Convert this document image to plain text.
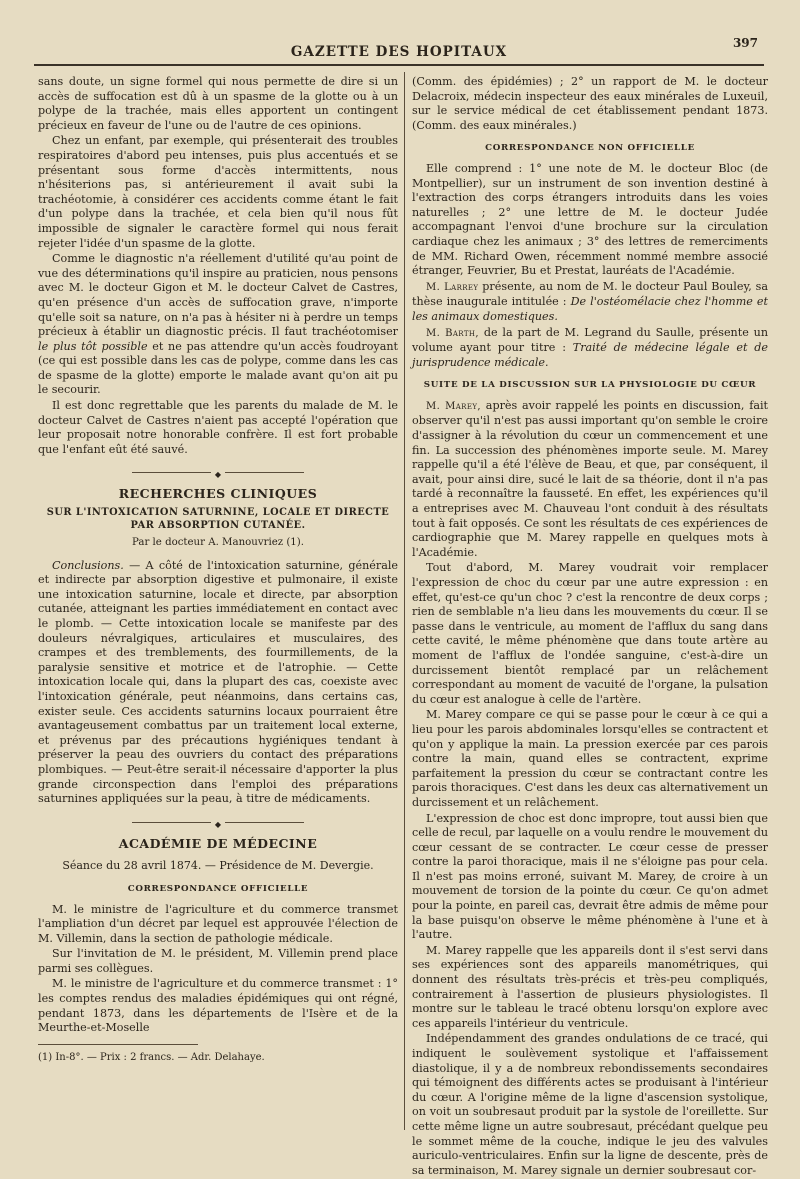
GAZETTE DES HOPITAUX
397

sans doute, un signe formel qui nous permette de dire si un accès de suffocation est dû à un spasme de la glotte ou à un polype de la trachée, mais elles apportent un contingent précieux en faveur de l'une ou de l'autre de ces opinions.

Chez un enfant, par exemple, qui présenterait des troubles respiratoires d'abord peu intenses, puis plus accentués et se présentant sous forme d'accès intermittents, nous n'hésiterions pas, si antérieurement il avait subi la trachéotomie, à considérer ces accidents comme étant le fait d'un polype dans la trachée, et cela bien qu'il nous fût impossible de signaler le caractère formel qui nous ferait rejeter l'idée d'un spasme de la glotte.

Comme le diagnostic n'a réellement d'utilité qu'au point de vue des déterminations qu'il inspire au praticien, nous pensons avec M. le docteur Gigon et M. le docteur Calvet de Castres, qu'en présence d'un accès de suffocation grave, n'importe qu'elle soit sa nature, on n'a pas à hésiter ni à perdre un temps précieux à établir un diagnostic précis. Il faut trachéotomiser le plus tôt possible et ne pas attendre qu'un accès foudroyant (ce qui est possible dans les cas de polype, comme dans les cas de spasme de la glotte) emporte le malade avant qu'on ait pu le secourir.

Il est donc regrettable que les parents du malade de M. le docteur Calvet de Castres n'aient pas accepté l'opération que leur proposait notre honorable confrère. Il est fort probable que l'enfant eût été sauvé.

◆
RECHERCHES CLINIQUES
SUR L'INTOXICATION SATURNINE, LOCALE ET DIRECTE
PAR ABSORPTION CUTANÉE.
Par le docteur A. Manouvriez (1).

Conclusions. — A côté de l'intoxication saturnine, générale et indirecte par absorption digestive et pulmonaire, il existe une intoxication saturnine, locale et directe, par absorption cutanée, atteignant les parties immédiatement en contact avec le plomb. — Cette intoxication locale se manifeste par des douleurs névralgiques, articulaires et musculaires, des crampes et des tremblements, des fourmillements, de la paralysie sensitive et motrice et de l'atrophie. — Cette intoxication locale qui, dans la plupart des cas, coexiste avec l'intoxication générale, peut néanmoins, dans certains cas, exister seule. Ces accidents saturnins locaux pourraient être avantageusement combattus par un traitement local externe, et prévenus par des précautions hygiéniques tendant à préserver la peau des ouvriers du contact des préparations plombiques. — Peut-être serait-il nécessaire d'apporter la plus grande circonspection dans l'emploi des préparations saturnines appliquées sur la peau, à titre de médicaments.

◆
ACADÉMIE DE MÉDECINE
Séance du 28 avril 1874. — Présidence de M. Devergie.
CORRESPONDANCE OFFICIELLE

M. le ministre de l'agriculture et du commerce transmet l'ampliation d'un décret par lequel est approuvée l'élection de M. Villemin, dans la section de pathologie médicale.

Sur l'invitation de M. le président, M. Villemin prend place parmi ses collègues.

M. le ministre de l'agriculture et du commerce transmet : 1° les comptes rendus des maladies épidémiques qui ont régné, pendant 1873, dans les départements de l'Isère et de la Meurthe-et-Moselle

(1) In-8°. — Prix : 2 francs. — Adr. Delahaye.

(Comm. des épidémies) ; 2° un rapport de M. le docteur Delacroix, médecin inspecteur des eaux minérales de Luxeuil, sur le service médical de cet établissement pendant 1873. (Comm. des eaux minérales.)

CORRESPONDANCE NON OFFICIELLE

Elle comprend : 1° une note de M. le docteur Bloc (de Montpellier), sur un instrument de son invention destiné à l'extraction des corps étrangers introduits dans les voies naturelles ; 2° une lettre de M. le docteur Judée accompagnant l'envoi d'une brochure sur la circulation cardiaque chez les animaux ; 3° des lettres de remerciments de MM. Richard Owen, récemment nommé membre associé étranger, Feuvrier, Bu et Prestat, lauréats de l'Académie.

M. Larrey présente, au nom de M. le docteur Paul Bouley, sa thèse inaugurale intitulée : De l'ostéomélacie chez l'homme et les animaux domestiques.

M. Barth, de la part de M. Legrand du Saulle, présente un volume ayant pour titre : Traité de médecine légale et de jurisprudence médicale.

SUITE DE LA DISCUSSION SUR LA PHYSIOLOGIE DU CŒUR

M. Marey, après avoir rappelé les points en discussion, fait observer qu'il n'est pas aussi important qu'on semble le croire d'assigner à la révolution du cœur un commencement et une fin. La succession des phénomènes importe seule. M. Marey rappelle qu'il a été l'élève de Beau, et que, par conséquent, il avait, pour ainsi dire, sucé le lait de sa théorie, dont il n'a pas tardé à reconnaître la fausseté. En effet, les expériences qu'il a entreprises avec M. Chauveau l'ont conduit à des résultats tout à fait opposés. Ce sont les résultats de ces expériences de cardiographie que M. Marey rappelle en quelques mots à l'Académie.

Tout d'abord, M. Marey voudrait voir remplacer l'expression de choc du cœur par une autre expression : en effet, qu'est-ce qu'un choc ? c'est la rencontre de deux corps ; rien de semblable n'a lieu dans les mouvements du cœur. Il se passe dans le ventricule, au moment de l'afflux du sang dans cette cavité, le même phénomène que dans toute artère au moment de l'afflux de l'ondée sanguine, c'est-à-dire un durcissement bientôt remplacé par un relâchement correspondant au moment de vacuité de l'organe, la pulsation du cœur est analogue à celle de l'artère.

M. Marey compare ce qui se passe pour le cœur à ce qui a lieu pour les parois abdominales lorsqu'elles se contractent et qu'on y applique la main. La pression exercée par ces parois contre la main, quand elles se contractent, exprime parfaitement la pression du cœur se contractant contre les parois thoraciques. C'est dans les deux cas alternativement un durcissement et un relâchement.

L'expression de choc est donc impropre, tout aussi bien que celle de recul, par laquelle on a voulu rendre le mouvement du cœur cessant de se contracter. Le cœur cesse de presser contre la paroi thoracique, mais il ne s'éloigne pas pour cela. Il n'est pas moins erroné, suivant M. Marey, de croire à un mouvement de torsion de la pointe du cœur. Ce qu'on admet pour la pointe, en pareil cas, devrait être admis de même pour la base puisqu'on observe le même phénomène à l'une et à l'autre.

M. Marey rappelle que les appareils dont il s'est servi dans ses expériences sont des appareils manométriques, qui donnent des résultats très-précis et très-peu compliqués, contrairement à l'assertion de plusieurs physiologistes. Il montre sur le tableau le tracé obtenu lorsqu'on explore avec ces appareils l'intérieur du ventricule.

Indépendamment des grandes ondulations de ce tracé, qui indiquent le soulèvement systolique et l'affaissement diastolique, il y a de nombreux rebondissements secondaires qui témoignent des différents actes se produisant à l'intérieur du cœur. A l'origine même de la ligne d'ascension systolique, on voit un soubresaut produit par la systole de l'oreillette. Sur cette même ligne un autre soubresaut, précédant quelque peu le sommet même de la couche, indique le jeu des valvules auriculo-ventriculaires. Enfin sur la ligne de descente, près de sa terminaison, M. Marey signale un dernier soubresaut cor-
